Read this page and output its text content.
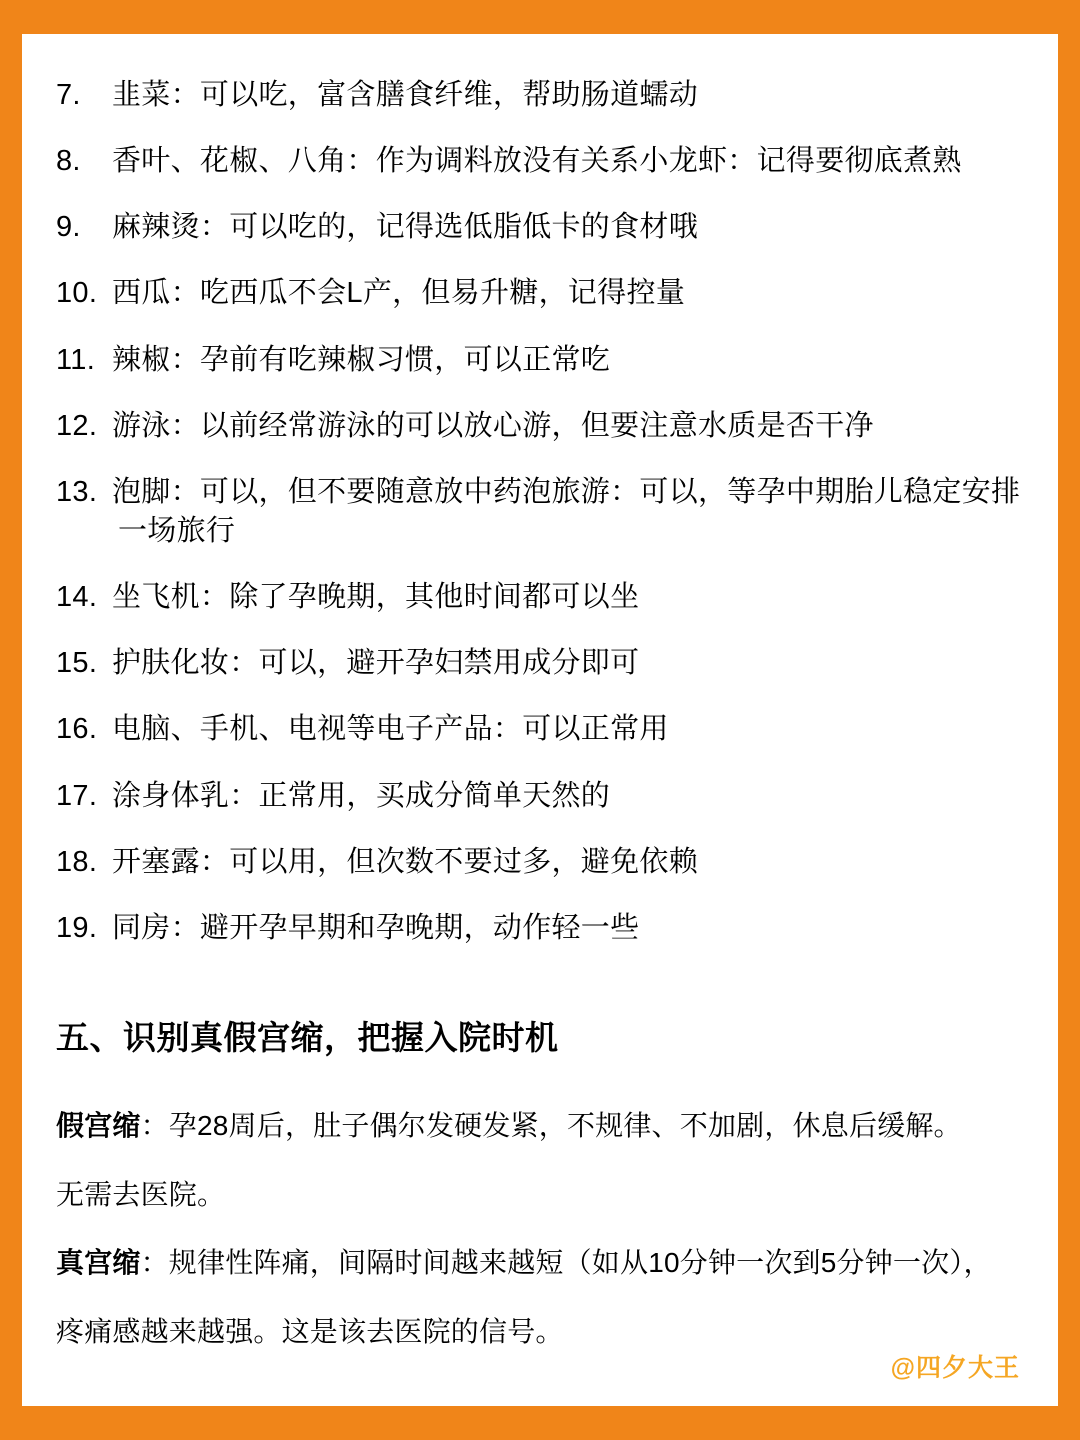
7.	韭菜：可以吃，富含膳食纤维，帮助肠道蠕动
8.	香叶、花椒、八角：作为调料放没有关系小龙虾：记得要彻底煮熟
9.	麻辣烫：可以吃的，记得选低脂低卡的食材哦
10. 西瓜：吃西瓜不会L产，但易升糖，记得控量
11. 辣椒：孕前有吃辣椒习惯，可以正常吃
12. 游泳：以前经常游泳的可以放心游，但要注意水质是否干净
13. 泡脚：可以，但不要随意放中药泡旅游：可以，等孕中期胎儿稳定安排
一场旅行
14. 坐飞机：除了孕晚期，其他时间都可以坐
15. 护肤化妆：可以，避开孕妇禁用成分即可
16. 电脑、手机、电视等电子产品：可以正常用
17. 涂身体乳：正常用，买成分简单天然的
18. 开塞露：可以用，但次数不要过多，避免依赖
19. 同房：避开孕早期和孕晚期，动作轻一些
五、识别真假宫缩，把握入院时机

假宫缩：孕28周后，肚子偶尔发硬发紧，不规律、不加剧，休息后缓解。

无需去医院。

真宫缩：规律性阵痛，间隔时间越来越短（如从10分钟一次到5分钟一次），

疼痛感越来越强。这是该去医院的信号。

@四夕大王
